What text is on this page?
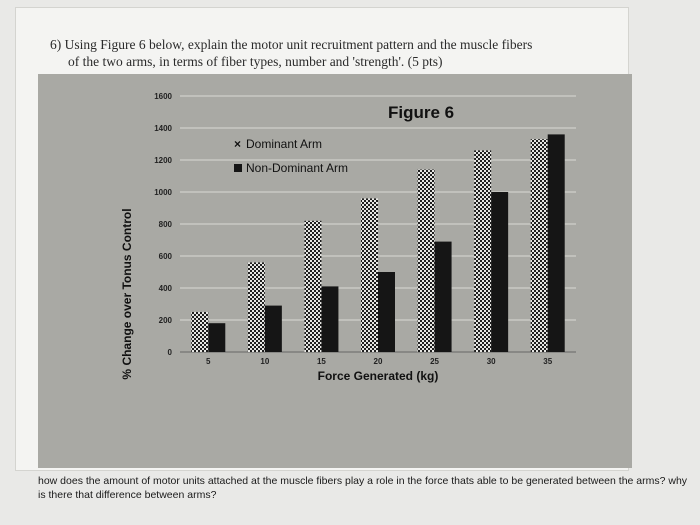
6) Using Figure 6 below, explain the motor unit recruitment pattern and the muscle fibers
of the two arms, in terms of fiber types, number and 'strength'. (5 pts)

0
200
400
600
800
1000
1200
1400
1600
5	10	15	20	25	30	35
Figure 6
% Change over Tonus Control	Force Generated (kg)
× Dominant Arm
Non-Dominant Arm

how does the amount of motor units attached at the muscle fibers play a role in the force thats able to be generated between the arms? why is there that difference between arms?
